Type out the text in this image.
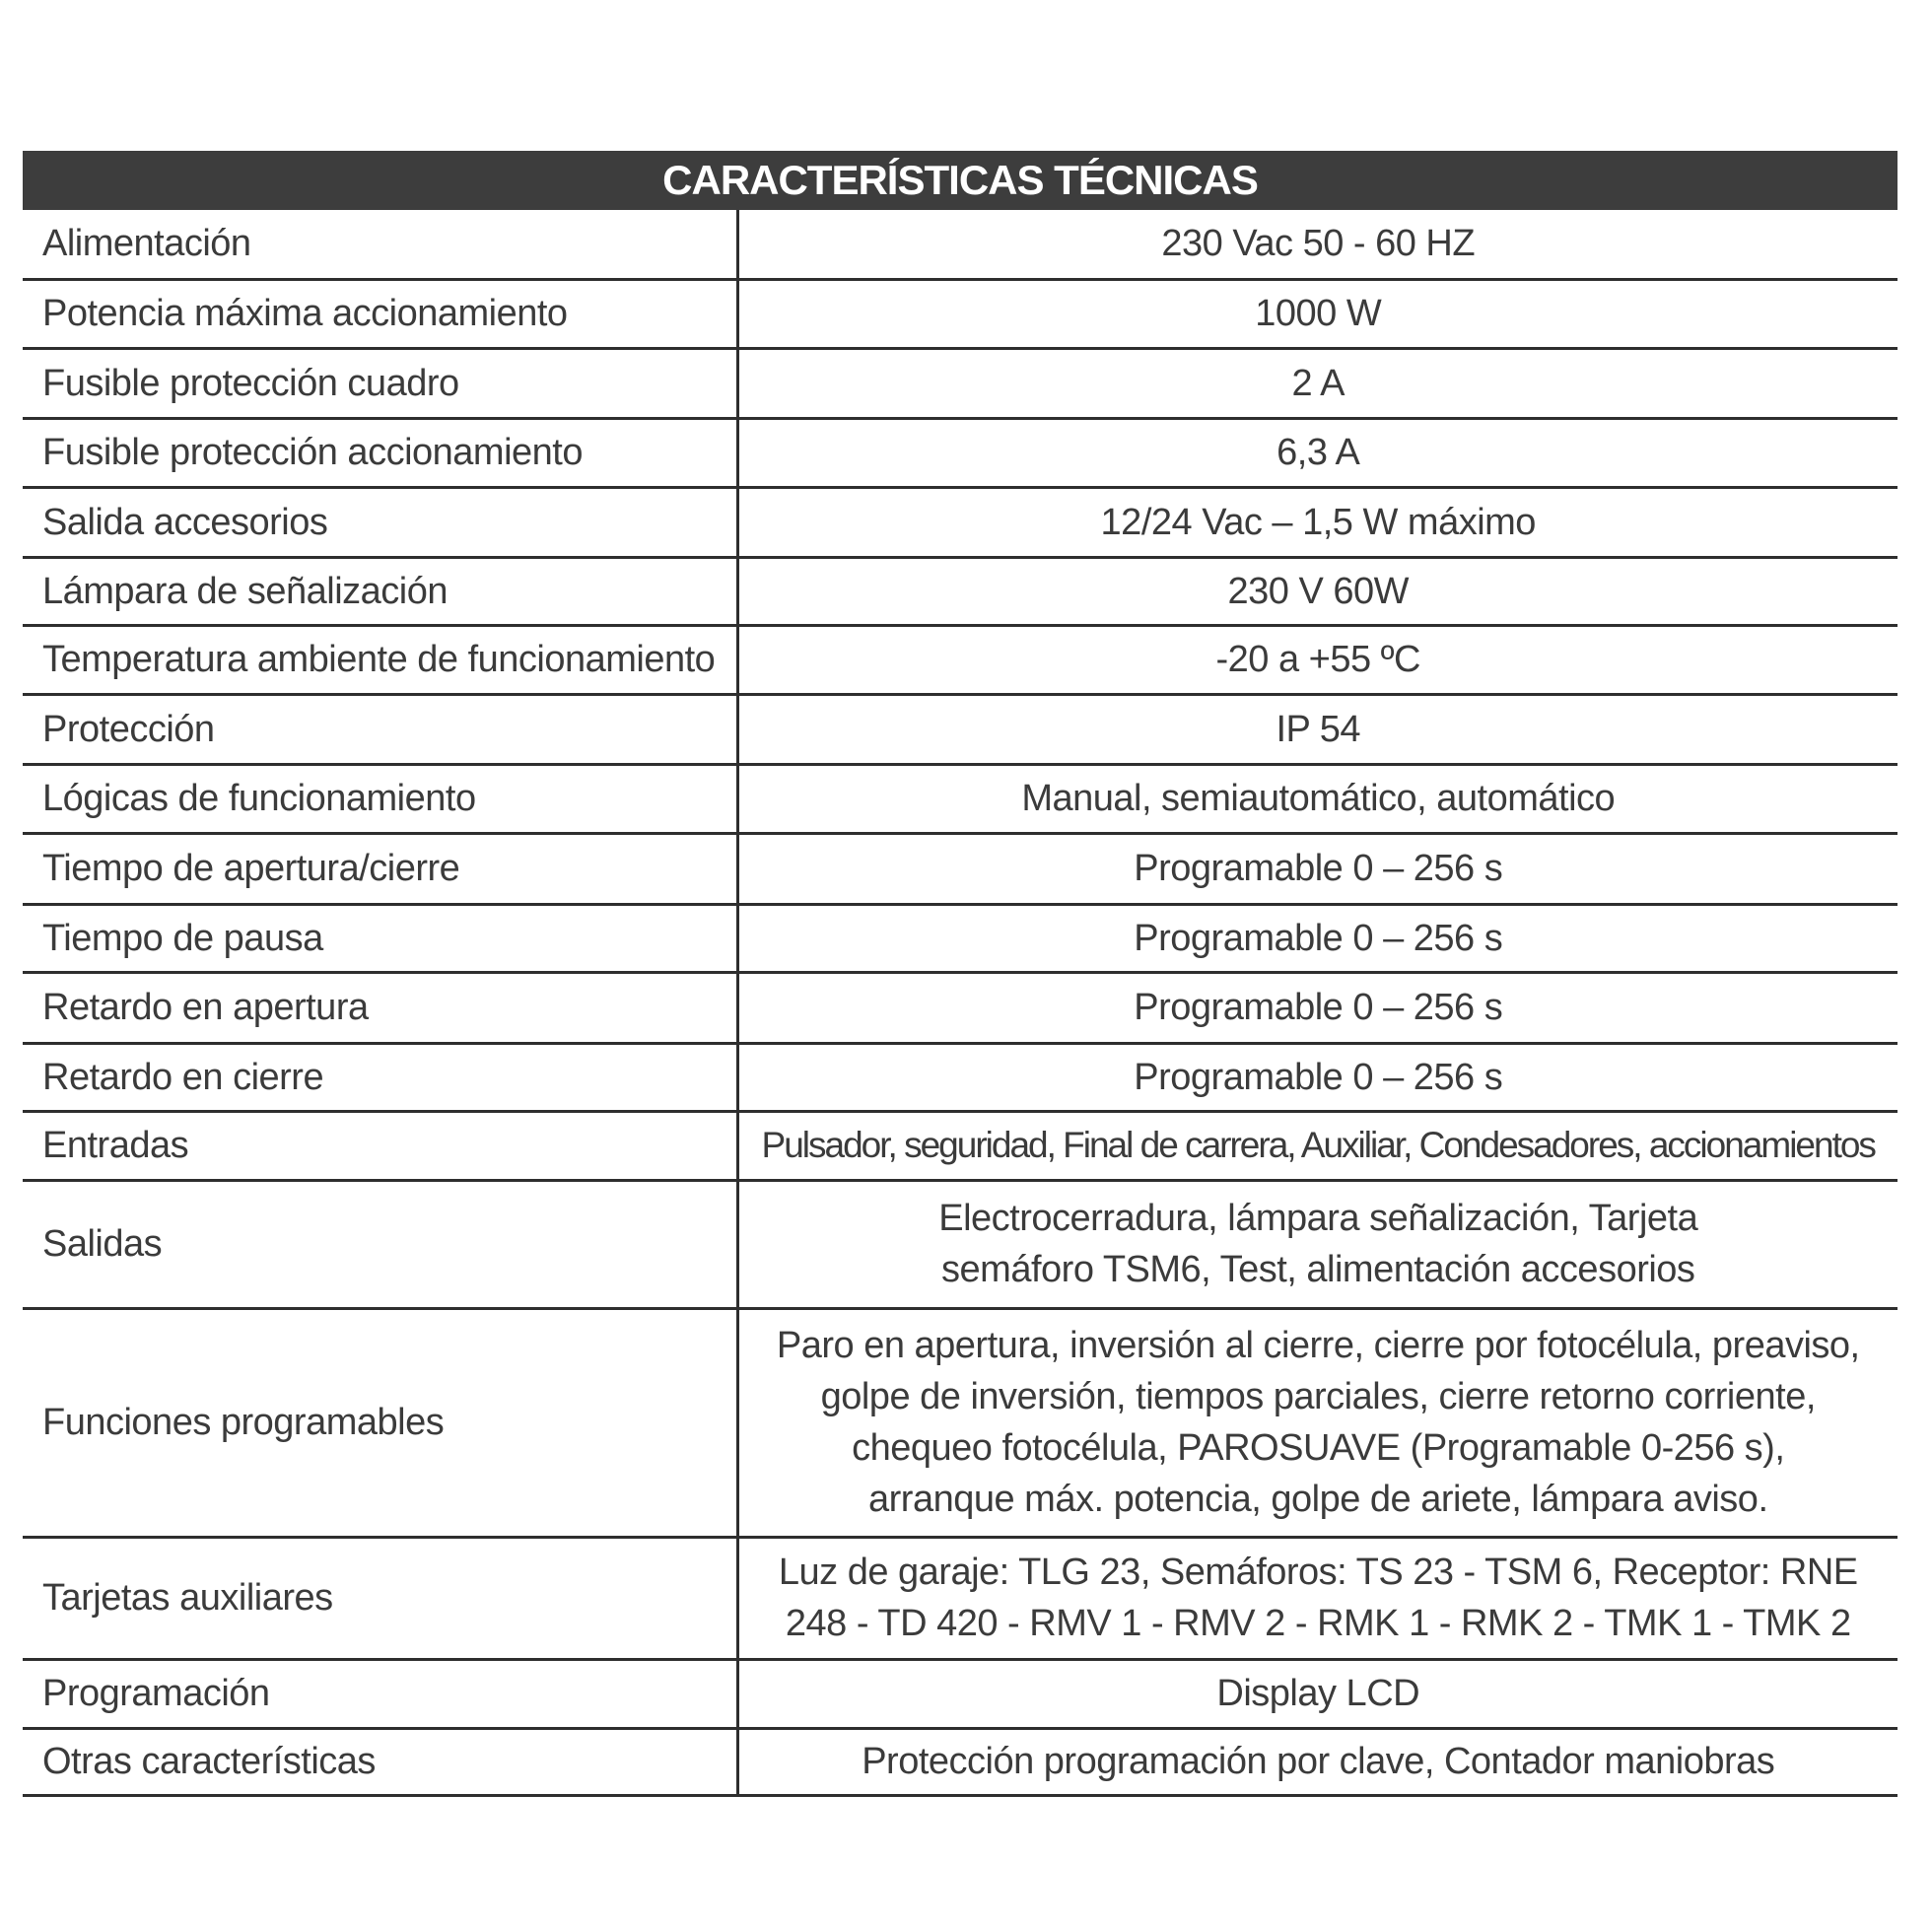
CARACTERÍSTICAS TÉCNICAS	
Alimentación	230 Vac 50 - 60 HZ

Potencia máxima accionamiento	1000 W

Fusible protección cuadro	2 A

Fusible protección accionamiento	6,3 A

Salida accesorios	12/24 Vac – 1,5 W máximo

Lámpara de señalización	230 V 60W

Temperatura ambiente de funcionamiento	-20 a +55 ºC

Protección	IP 54

Lógicas de funcionamiento	Manual, semiautomático, automático

Tiempo de apertura/cierre	Programable 0 – 256 s

Tiempo de pausa	Programable 0 – 256 s

Retardo en apertura	Programable 0 – 256 s

Retardo en cierre	Programable 0 – 256 s

Entradas	Pulsador, seguridad, Final de carrera, Auxiliar, Condesadores, accionamientos

Salidas	Electrocerradura, lámpara señalización, Tarjeta
semáforo TSM6, Test, alimentación accesorios

Funciones programables	Paro en apertura, inversión al cierre, cierre por fotocélula, preaviso,
golpe de inversión, tiempos parciales, cierre retorno corriente,
chequeo fotocélula, PAROSUAVE (Programable 0-256 s),
arranque máx. potencia, golpe de ariete, lámpara aviso.

Tarjetas auxiliares	Luz de garaje: TLG 23, Semáforos: TS 23 - TSM 6, Receptor: RNE
248 - TD 420 - RMV 1 - RMV 2 - RMK 1 - RMK 2 - TMK 1 - TMK 2

Programación	Display LCD

Otras características	Protección programación por clave, Contador maniobras
